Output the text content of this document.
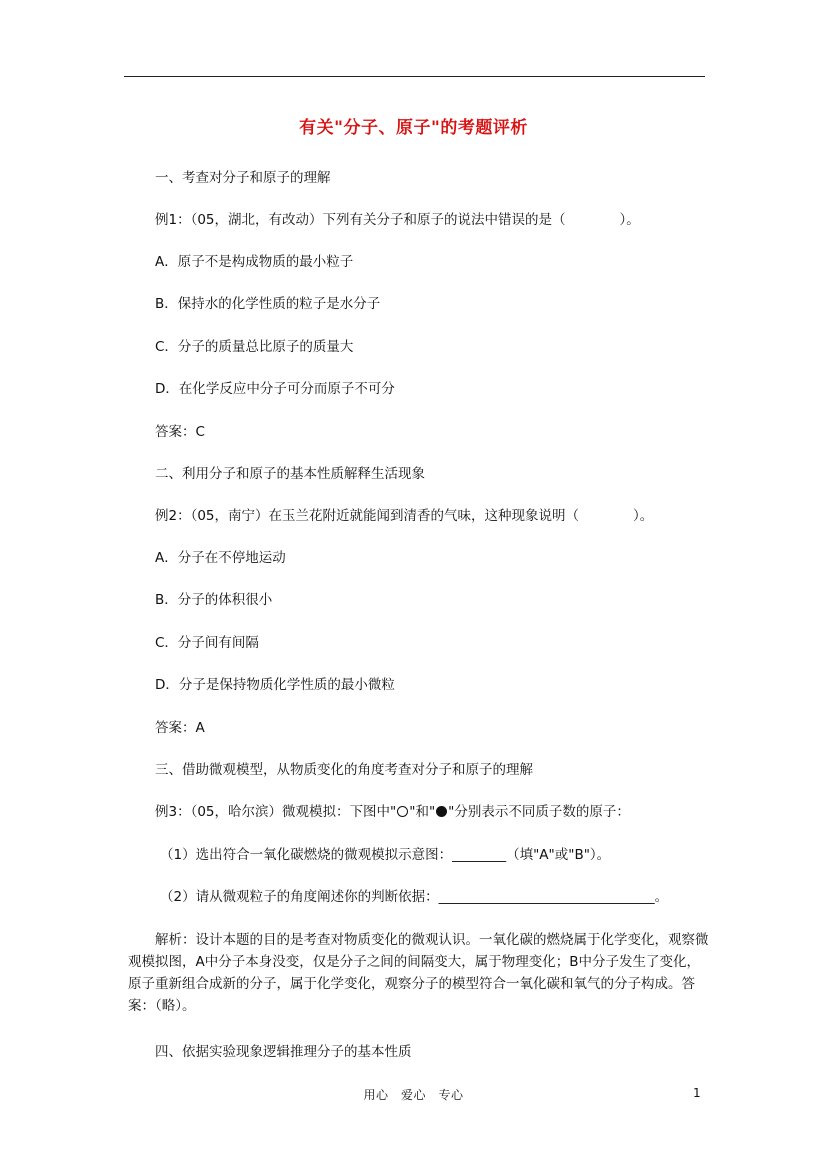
有关"分子、原子"的考题评析
一、考查对分子和原子的理解
例1：（05，湖北，有改动）下列有关分子和原子的说法中错误的是（　　　　）。
A．原子不是构成物质的最小粒子
B．保持水的化学性质的粒子是水分子
C．分子的质量总比原子的质量大
D．在化学反应中分子可分而原子不可分
答案：C
二、利用分子和原子的基本性质解释生活现象
例2：（05，南宁）在玉兰花附近就能闻到清香的气味，这种现象说明（　　　　）。
A．分子在不停地运动
B．分子的体积很小
C．分子间有间隔
D．分子是保持物质化学性质的最小微粒
答案：A
三、借助微观模型，从物质变化的角度考查对分子和原子的理解
例3：（05，哈尔滨）微观模拟：下图中" "和" "分别表示不同质子数的原子：
（1）选出符合一氧化碳燃烧的微观模拟示意图：________（填"A"或"B"）。
（2）请从微观粒子的角度阐述你的判断依据：________________________________。
解析：设计本题的目的是考查对物质变化的微观认识。一氧化碳的燃烧属于化学变化，观察微观模拟图，A中分子本身没变，仅是分子之间的间隔变大，属于物理变化；B中分子发生了变化，原子重新组合成新的分子，属于化学变化，观察分子的模型符合一氧化碳和氧气的分子构成。答案：（略）。
四、依据实验现象逻辑推理分子的基本性质
用心　爱心　专心	1
